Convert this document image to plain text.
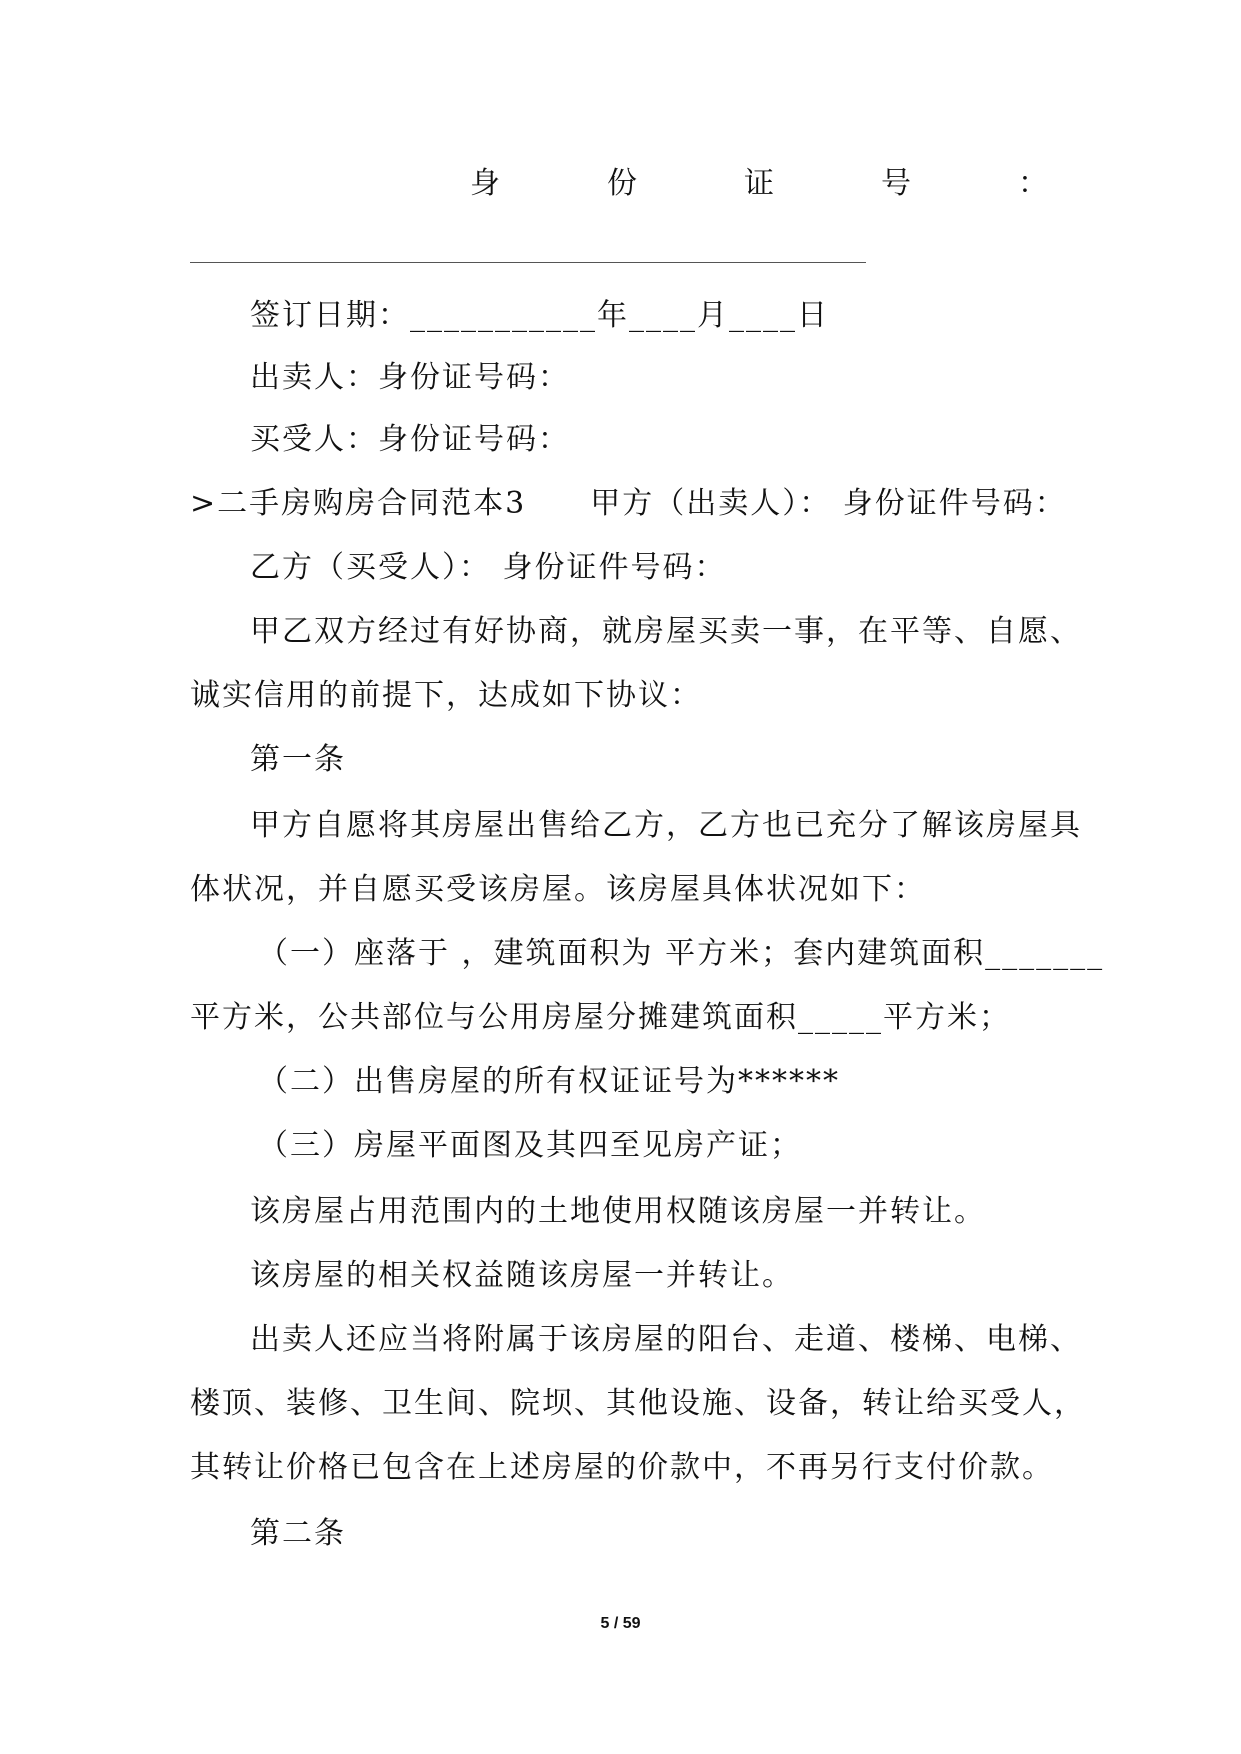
身	份	证	号	：
签订日期：___________年____月____日
出卖人：身份证号码：
买受人：身份证号码：
>二手房购房合同范本3 甲方（出卖人）： 身份证件号码：
乙方（买受人）： 身份证件号码：
甲乙双方经过有好协商，就房屋买卖一事，在平等、自愿、
诚实信用的前提下，达成如下协议：
第一条
甲方自愿将其房屋出售给乙方，乙方也已充分了解该房屋具
体状况，并自愿买受该房屋。该房屋具体状况如下：
（一）座落于 ，建筑面积为 平方米；套内建筑面积_______
平方米，公共部位与公用房屋分摊建筑面积_____平方米；
（二）出售房屋的所有权证证号为******
（三）房屋平面图及其四至见房产证；
该房屋占用范围内的土地使用权随该房屋一并转让。
该房屋的相关权益随该房屋一并转让。
出卖人还应当将附属于该房屋的阳台、走道、楼梯、电梯、
楼顶、装修、卫生间、院坝、其他设施、设备，转让给买受人，
其转让价格已包含在上述房屋的价款中，不再另行支付价款。
第二条
5 / 59
